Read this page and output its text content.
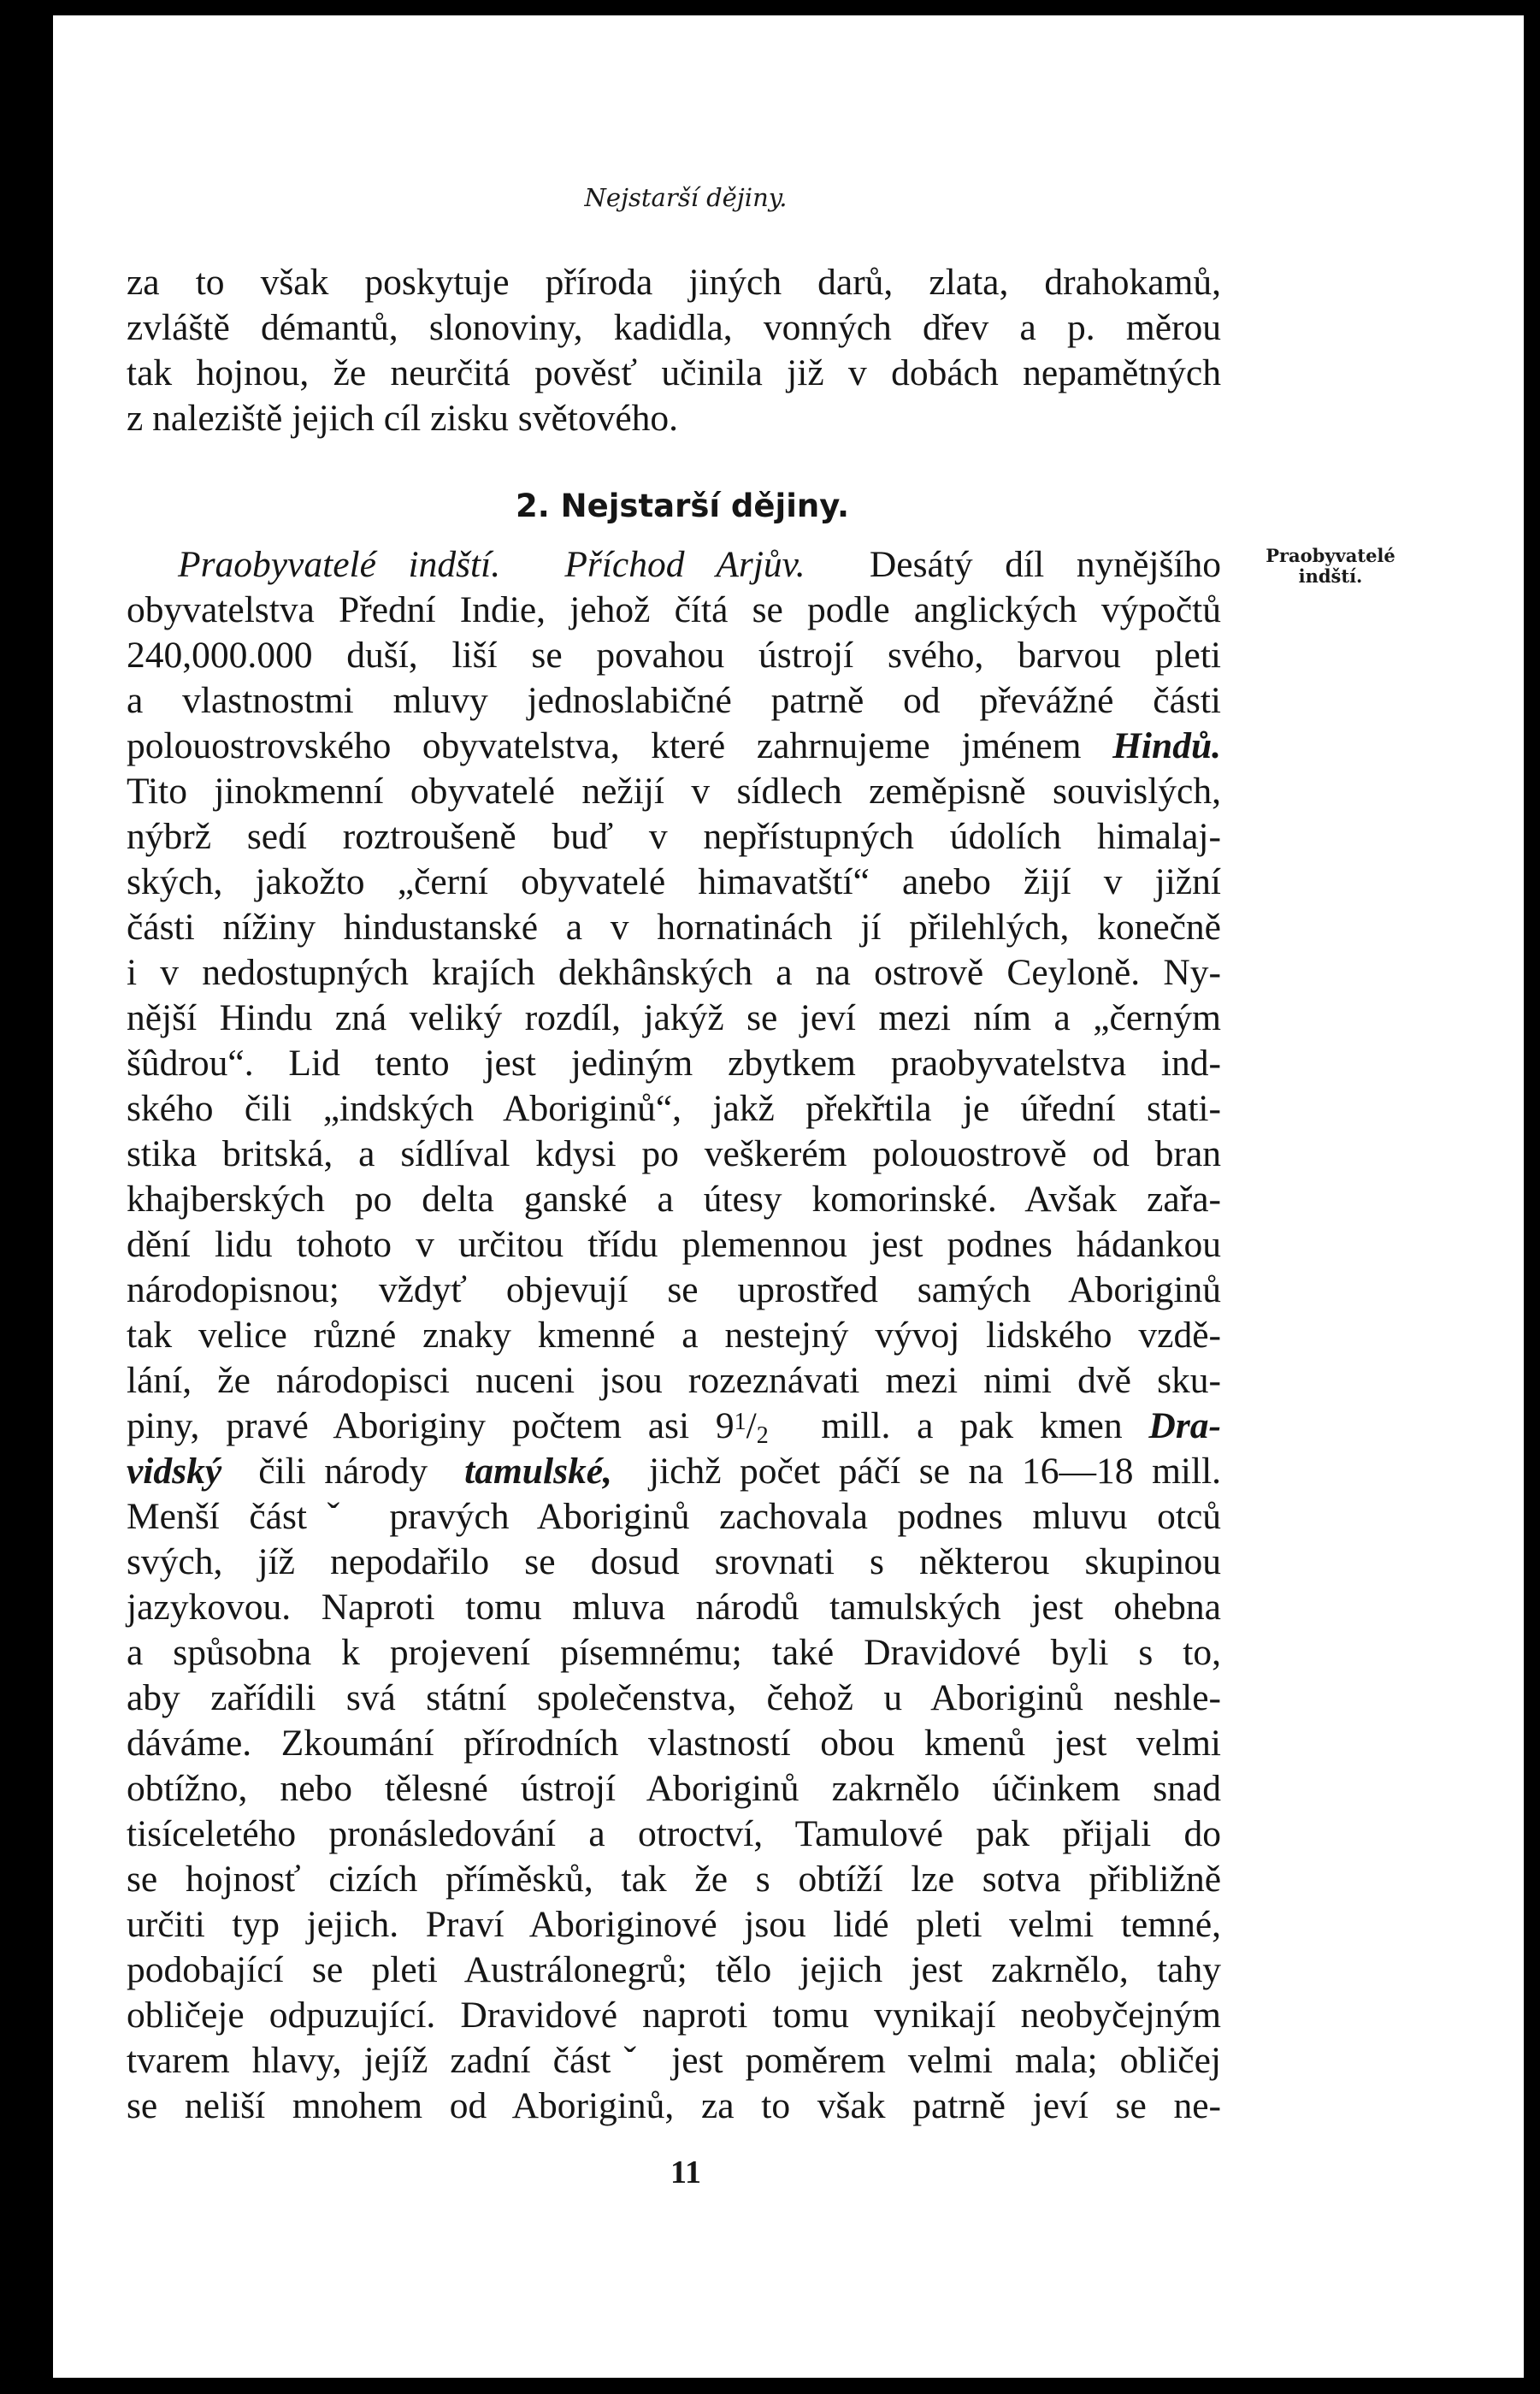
Nejstarší dějiny.
za to však poskytuje příroda jiných darů, zlata, drahokamů,
zvláště démantů, slonoviny, kadidla, vonných dřev a p. měrou
tak hojnou, že neurčitá pověsť učinila již v dobách nepamětných
z naleziště jejich cíl zisku světového.
2. Nejstarší dějiny.
Praobyvatelé indští. Příchod Arjův. Desátý díl nynějšího
obyvatelstva Přední Indie, jehož čítá se podle anglických výpočtů
240,000.000 duší, liší se povahou ústrojí svého, barvou pleti
a vlastnostmi mluvy jednoslabičné patrně od převážné části
polouostrovského obyvatelstva, které zahrnujeme jménem Hindů.
Tito jinokmenní obyvatelé nežijí v sídlech zeměpisně souvislých,
nýbrž sedí roztroušeně buď v nepřístupných údolích himalaj-
ských, jakožto „černí obyvatelé himavatští“ anebo žijí v jižní
části nížiny hindustanské a v hornatinách jí přilehlých, konečně
i v nedostupných krajích dekhânských a na ostrově Ceyloně. Ny-
nější Hindu zná veliký rozdíl, jakýž se jeví mezi ním a „černým
šûdrou“. Lid tento jest jediným zbytkem praobyvatelstva ind-
ského čili „indských Aboriginů“, jakž překřtila je úřední stati-
stika britská, a sídlíval kdysi po veškerém polouostrově od bran
khajberských po delta ganské a útesy komorinské. Avšak zařa-
dění lidu tohoto v určitou třídu plemennou jest podnes hádankou
národopisnou; vždyť objevují se uprostřed samých Aboriginů
tak velice různé znaky kmenné a nestejný vývoj lidského vzdě-
lání, že národopisci nuceni jsou rozeznávati mezi nimi dvě sku-
piny, pravé Aboriginy počtem asi $9^1/_2$ mill. a pak kmen Dra-
vidský čili národy tamulské, jichž počet páčí se na 16—18 mill.
Menší částˇ pravých Aboriginů zachovala podnes mluvu otců
svých, jíž nepodařilo se dosud srovnati s některou skupinou
jazykovou. Naproti tomu mluva národů tamulských jest ohebna
a spůsobna k projevení písemnému; také Dravidové byli s to,
aby zařídili svá státní společenstva, čehož u Aboriginů neshle-
dáváme. Zkoumání přírodních vlastností obou kmenů jest velmi
obtížno, nebo tělesné ústrojí Aboriginů zakrnělo účinkem snad
tisíceletého pronásledování a otroctví, Tamulové pak přijali do
se hojnosť cizích příměsků, tak že s obtíží lze sotva přibližně
určiti typ jejich. Praví Aboriginové jsou lidé pleti velmi temné,
podobající se pleti Austrálonegrů; tělo jejich jest zakrnělo, tahy
obličeje odpuzující. Dravidové naproti tomu vynikají neobyčejným
tvarem hlavy, jejíž zadní částˇ jest poměrem velmi mala; obličej
se neliší mnohem od Aboriginů, za to však patrně jeví se ne-
Praobyvatelé
indští.
11
